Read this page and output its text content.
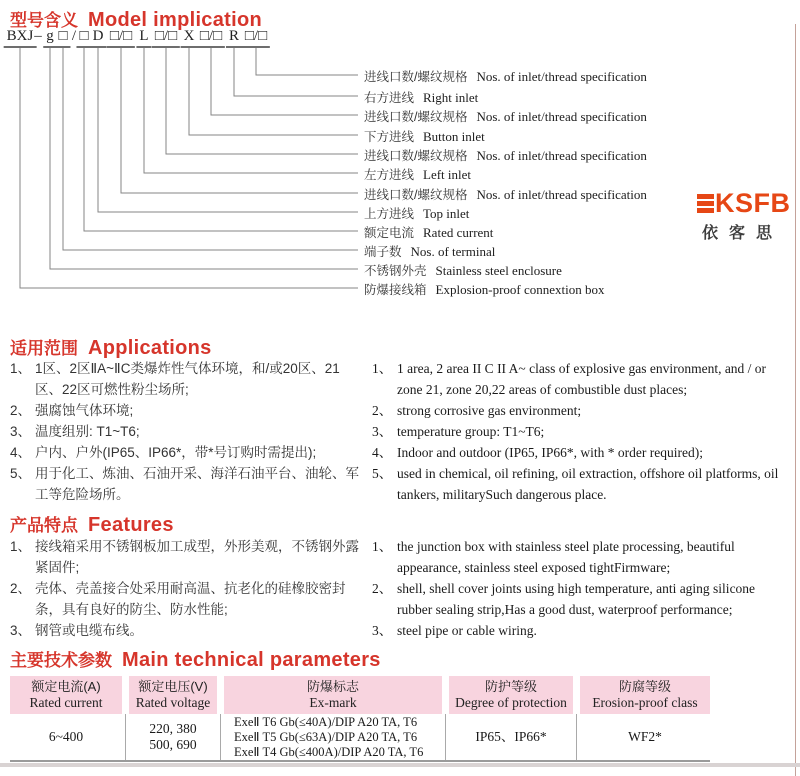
型号含义 Model implication
BXJ – g □ / □ D □/□ L □/□ X □/□ R □/□
进线口数/螺纹规格 Nos. of inlet/thread specification
右方进线 Right inlet
进线口数/螺纹规格 Nos. of inlet/thread specification
下方进线 Button inlet
进线口数/螺纹规格 Nos. of inlet/thread specification
左方进线 Left inlet
进线口数/螺纹规格 Nos. of inlet/thread specification
上方进线 Top inlet
额定电流 Rated current
端子数 Nos. of terminal
不锈钢外壳 Stainless steel enclosure
防爆接线箱 Explosion-proof connextion box
KSFB
依客思
适用范围 Applications
1、 1区、2区ⅡA~ⅡC类爆炸性气体环境，和/或20区、21区、22区可燃性粉尘场所;
2、 强腐蚀气体环境;
3、 温度组别: T1~T6;
4、 户内、户外(IP65、IP66*，带*号订购时需提出);
5、 用于化工、炼油、石油开采、海洋石油平台、油轮、军工等危险场所。
1、 1 area, 2 area II C II A~ class of explosive gas environment, and / or zone 21, zone 20,22 areas of combustible dust places;
2、 strong corrosive gas environment;
3、 temperature group: T1~T6;
4、 Indoor and outdoor (IP65, IP66*, with * order required);
5、 used in chemical, oil refining, oil extraction, offshore oil platforms, oil tankers, militarySuch dangerous place.
产品特点 Features
1、 接线箱采用不锈钢板加工成型，外形美观，不锈钢外露紧固件;
2、 壳体、壳盖接合处采用耐高温、抗老化的硅橡胶密封条，具有良好的防尘、防水性能;
3、 钢管或电缆布线。
1、 the junction box with stainless steel plate processing, beautiful appearance, stainless steel exposed tightFirmware;
2、 shell, shell cover joints using high temperature, anti aging silicone rubber sealing strip,Has a good dust, waterproof performance;
3、 steel pipe or cable wiring.
主要技术参数 Main technical parameters
额定电流(A)
Rated current
额定电压(V)
Rated voltage
防爆标志
Ex-mark
防护等级
Degree of protection
防腐等级
Erosion-proof class
6~400
220, 380
500, 690
ExeⅡ T6 Gb(≤40A)/DIP A20 TA, T6
ExeⅡ T5 Gb(≤63A)/DIP A20 TA, T6
ExeⅡ T4 Gb(≤400A)/DIP A20 TA, T6
IP65、IP66*	WF2*
